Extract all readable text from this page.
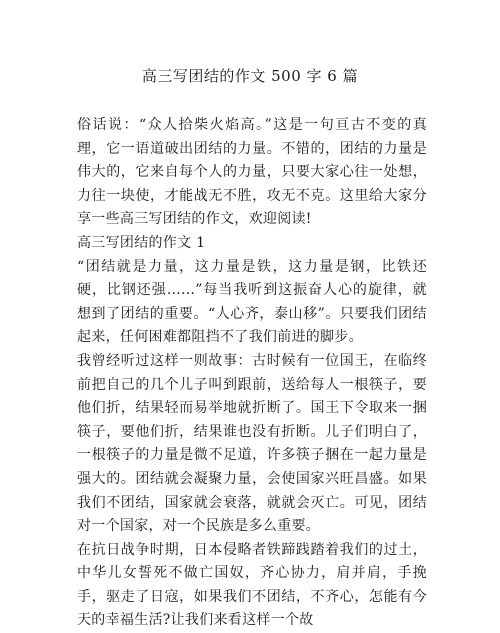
高三写团结的作文 500 字 6 篇

俗话说：“众人拾柴火焰高。”这是一句亘古不变的真理，它一语道破出团结的力量。不错的，团结的力量是伟大的，它来自每个人的力量，只要大家心往一处想，力往一块使，才能战无不胜，攻无不克。这里给大家分享一些高三写团结的作文，欢迎阅读!

高三写团结的作文 1

“团结就是力量，这力量是铁，这力量是钢，比铁还硬，比钢还强……”每当我听到这振奋人心的旋律，就想到了团结的重要。“人心齐，泰山移”。只要我们团结起来，任何困难都阻挡不了我们前进的脚步。

我曾经听过这样一则故事：古时候有一位国王，在临终前把自己的几个儿子叫到跟前，送给每人一根筷子，要他们折，结果轻而易举地就折断了。国王下令取来一捆筷子，要他们折，结果谁也没有折断。儿子们明白了，一根筷子的力量是微不足道，许多筷子捆在一起力量是强大的。团结就会凝聚力量，会使国家兴旺昌盛。如果我们不团结，国家就会衰落，就就会灭亡。可见，团结对一个国家，对一个民族是多么重要。

在抗日战争时期，日本侵略者铁蹄践踏着我们的过土，中华儿女誓死不做亡国奴，齐心协力，肩并肩，手挽手，驱走了日寇，如果我们不团结，不齐心，怎能有今天的幸福生活?让我们来看这样一个故
